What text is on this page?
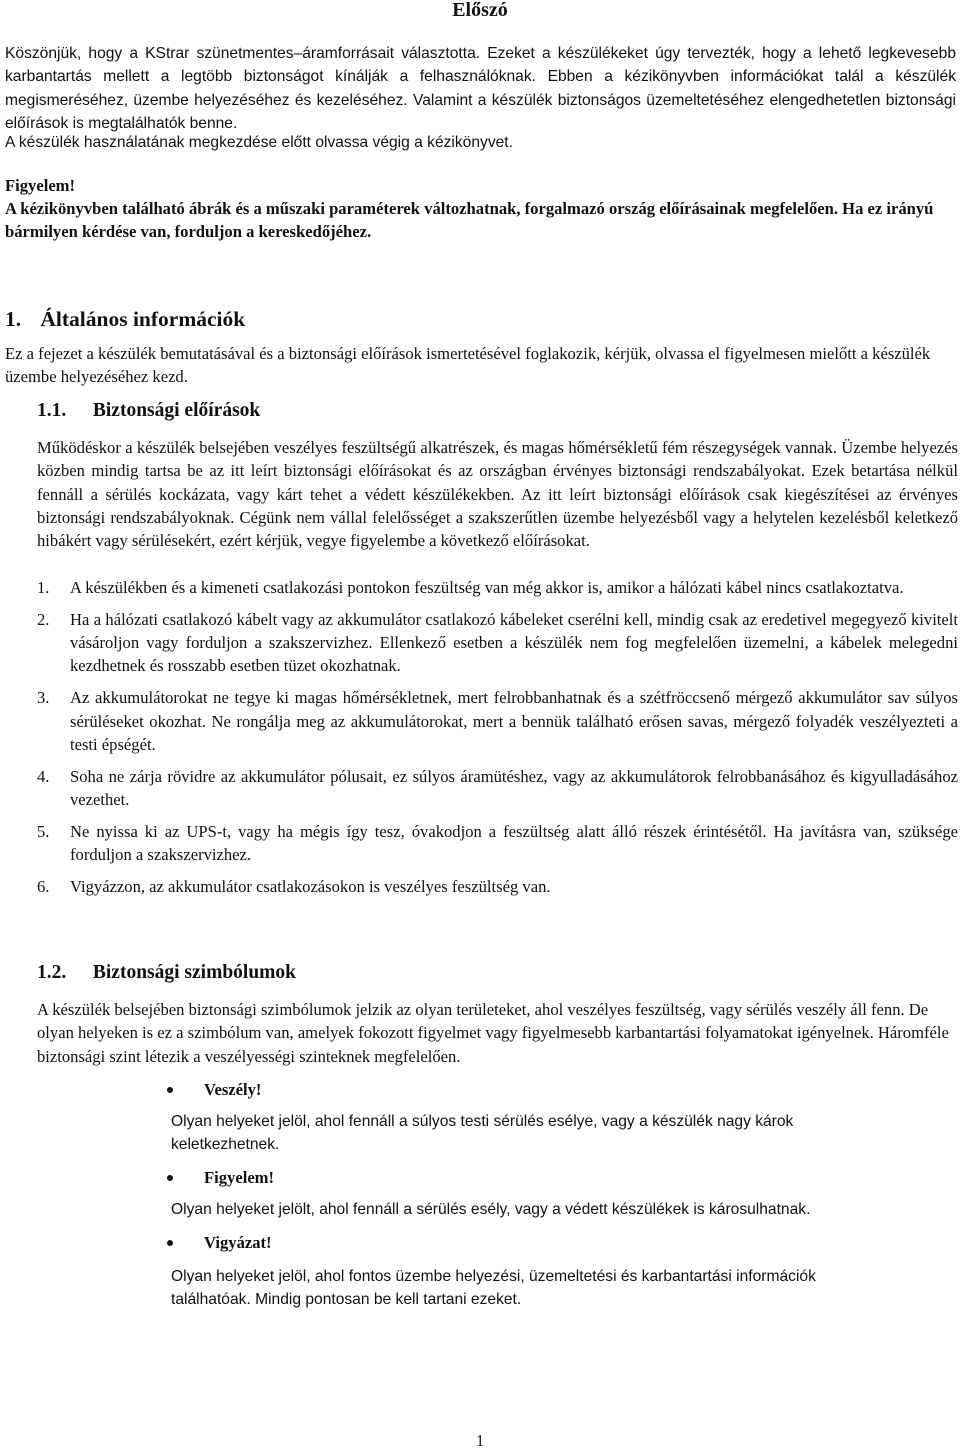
Előszó

Köszönjük, hogy a KStrar szünetmentes–áramforrásait választotta. Ezeket a készülékeket úgy tervezték, hogy a lehető legkevesebb karbantartás mellett a legtöbb biztonságot kínálják a felhasználóknak. Ebben a kézikönyvben információkat talál a készülék megismeréséhez, üzembe helyezéséhez és kezeléséhez. Valamint a készülék biztonságos üzemeltetéséhez elengedhetetlen biztonsági előírások is megtalálhatók benne.

A készülék használatának megkezdése előtt olvassa végig a kézikönyvet.

Figyelem!

A kézikönyvben található ábrák és a műszaki paraméterek változhatnak, forgalmazó ország előírásainak megfelelően. Ha ez irányú bármilyen kérdése van, forduljon a kereskedőjéhez.

1. Általános információk

Ez a fejezet a készülék bemutatásával és a biztonsági előírások ismertetésével foglakozik, kérjük, olvassa el figyelmesen mielőtt a készülék üzembe helyezéséhez kezd.

1.1. Biztonsági előírások

Működéskor a készülék belsejében veszélyes feszültségű alkatrészek, és magas hőmérsékletű fém részegységek vannak. Üzembe helyezés közben mindig tartsa be az itt leírt biztonsági előírásokat és az országban érvényes biztonsági rendszabályokat. Ezek betartása nélkül fennáll a sérülés kockázata, vagy kárt tehet a védett készülékekben. Az itt leírt biztonsági előírások csak kiegészítései az érvényes biztonsági rendszabályoknak. Cégünk nem vállal felelősséget a szakszerűtlen üzembe helyezésből vagy a helytelen kezelésből keletkező hibákért vagy sérülésekért, ezért kérjük, vegye figyelembe a következő előírásokat.

1. A készülékben és a kimeneti csatlakozási pontokon feszültség van még akkor is, amikor a hálózati kábel nincs csatlakoztatva.
2. Ha a hálózati csatlakozó kábelt vagy az akkumulátor csatlakozó kábeleket cserélni kell, mindig csak az eredetivel megegyező kivitelt vásároljon vagy forduljon a szakszervizhez. Ellenkező esetben a készülék nem fog megfelelően üzemelni, a kábelek melegedni kezdhetnek és rosszabb esetben tüzet okozhatnak.
3. Az akkumulátorokat ne tegye ki magas hőmérsékletnek, mert felrobbanhatnak és a szétfröccsenő mérgező akkumulátor sav súlyos sérüléseket okozhat. Ne rongálja meg az akkumulátorokat, mert a bennük található erősen savas, mérgező folyadék veszélyezteti a testi épségét.
4. Soha ne zárja rövidre az akkumulátor pólusait, ez súlyos áramütéshez, vagy az akkumulátorok felrobbanásához és kigyulladásához vezethet.
5. Ne nyissa ki az UPS-t, vagy ha mégis így tesz, óvakodjon a feszültség alatt álló részek érintésétől. Ha javításra van, szüksége forduljon a szakszervizhez.
6. Vigyázzon, az akkumulátor csatlakozásokon is veszélyes feszültség van.
1.2. Biztonsági szimbólumok

A készülék belsejében biztonsági szimbólumok jelzik az olyan területeket, ahol veszélyes feszültség, vagy sérülés veszély áll fenn. De olyan helyeken is ez a szimbólum van, amelyek fokozott figyelmet vagy figyelmesebb karbantartási folyamatokat igényelnek. Háromféle biztonsági szint létezik a veszélyességi szinteknek megfelelően.

Veszély!
Olyan helyeket jelöl, ahol fennáll a súlyos testi sérülés esélye, vagy a készülék nagy károk keletkezhetnek.
Figyelem!
Olyan helyeket jelölt, ahol fennáll a sérülés esély, vagy a védett készülékek is károsulhatnak.
Vigyázat!
Olyan helyeket jelöl, ahol fontos üzembe helyezési, üzemeltetési és karbantartási információk találhatóak. Mindig pontosan be kell tartani ezeket.
1
